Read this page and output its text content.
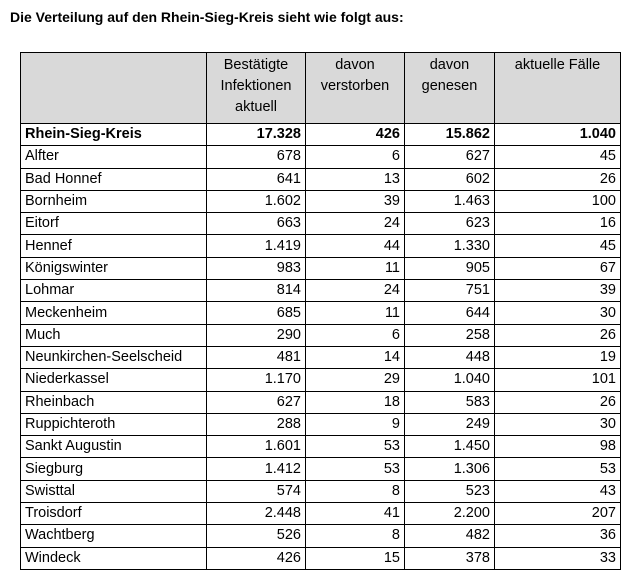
Die Verteilung auf den Rhein-Sieg-Kreis sieht wie folgt aus:
	Bestätigte Infektionen aktuell	davon verstorben	davon genesen	aktuelle Fälle
Rhein-Sieg-Kreis	17.328	426	15.862	1.040
Alfter	678	6	627	45
Bad Honnef	641	13	602	26
Bornheim	1.602	39	1.463	100
Eitorf	663	24	623	16
Hennef	1.419	44	1.330	45
Königswinter	983	11	905	67
Lohmar	814	24	751	39
Meckenheim	685	11	644	30
Much	290	6	258	26
Neunkirchen-Seelscheid	481	14	448	19
Niederkassel	1.170	29	1.040	101
Rheinbach	627	18	583	26
Ruppichteroth	288	9	249	30
Sankt Augustin	1.601	53	1.450	98
Siegburg	1.412	53	1.306	53
Swisttal	574	8	523	43
Troisdorf	2.448	41	2.200	207
Wachtberg	526	8	482	36
Windeck	426	15	378	33
